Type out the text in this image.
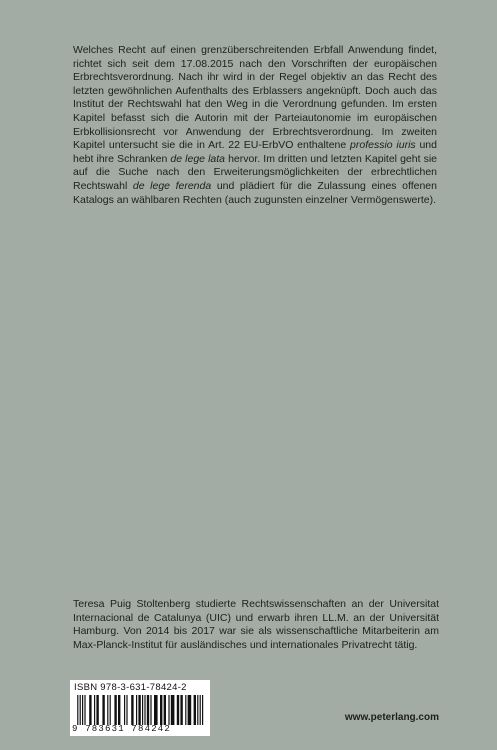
Welches Recht auf einen grenzüberschreitenden Erbfall Anwendung findet, richtet sich seit dem 17.08.2015 nach den Vorschriften der europäischen Erbrechtsverordnung. Nach ihr wird in der Regel objektiv an das Recht des letzten gewöhnlichen Aufenthalts des Erblassers angeknüpft. Doch auch das Institut der Rechtswahl hat den Weg in die Verordnung gefunden. Im ersten Kapitel befasst sich die Autorin mit der Parteiautonomie im europäischen Erbkollisionsrecht vor Anwendung der Erbrechtsverordnung. Im zweiten Kapitel untersucht sie die in Art. 22 EU-ErbVO enthaltene professio iuris und hebt ihre Schranken de lege lata hervor. Im dritten und letzten Kapitel geht sie auf die Suche nach den Erweiterungsmöglichkeiten der erbrechtlichen Rechtswahl de lege ferenda und plädiert für die Zulassung eines offenen Katalogs an wählbaren Rechten (auch zugunsten einzelner Vermögenswerte).

Teresa Puig Stoltenberg studierte Rechtswissenschaften an der Universitat Internacional de Catalunya (UIC) und erwarb ihren LL.M. an der Universität Hamburg. Von 2014 bis 2017 war sie als wissenschaftliche Mitarbeiterin am Max-Planck-Institut für ausländisches und internationales Privatrecht tätig.

ISBN 978-3-631-78424-2
9 783631 784242
www.peterlang.com
